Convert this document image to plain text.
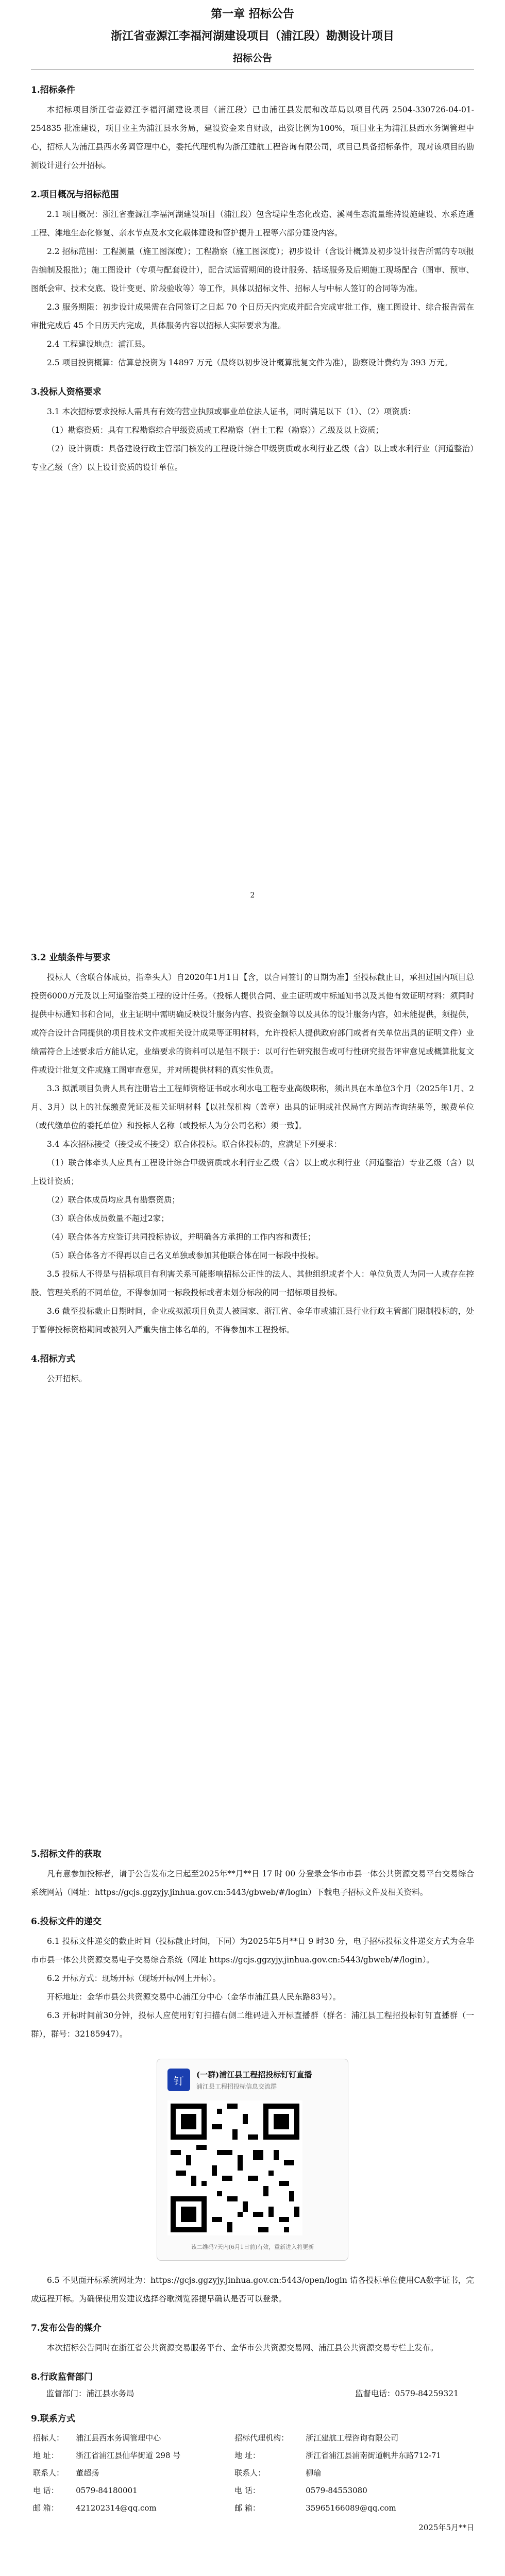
第一章 招标公告
浙江省壶源江李福河湖建设项目（浦江段）勘测设计项目
招标公告
1.招标条件

本招标项目浙江省壶源江李福河湖建设项目（浦江段）已由浦江县发展和改革局以项目代码 2504-330726-04-01-254835 批准建设，项目业主为浦江县水务局，建设资金来自财政，出资比例为100%，项目业主为浦江县西水务调管理中心，招标人为浦江县西水务调管理中心，委托代理机构为浙江建航工程咨询有限公司，项目已具备招标条件，现对该项目的勘测设计进行公开招标。

2.项目概况与招标范围

2.1 项目概况：浙江省壶源江李福河湖建设项目（浦江段）包含堤岸生态化改造、溪网生态流量维持设施建设、水系连通工程、滩地生态化修复、亲水节点及水文化载体建设和管护提升工程等六部分建设内容。

2.2 招标范围：工程测量（施工图深度）；工程勘察（施工图深度）；初步设计（含设计概算及初步设计报告所需的专项报告编制及报批）；施工图设计（专项与配套设计），配合试运营期间的设计服务、括场服务及后期施工现场配合（图审、预审、图纸会审、技术交底、设计变更、阶段验收等）等工作，具体以招标文件、招标人与中标人签订的合同等为准。

2.3 服务期限：初步设计成果需在合同签订之日起 70 个日历天内完成并配合完成审批工作，施工图设计、综合报告需在审批完成后 45 个日历天内完成，具体服务内容以招标人实际要求为准。

2.4 工程建设地点：浦江县。

2.5 项目投资概算：估算总投资为 14897 万元（最终以初步设计概算批复文件为准），勘察设计费约为 393 万元。

3.投标人资格要求

3.1 本次招标要求投标人需具有有效的营业执照或事业单位法人证书，同时满足以下（1）、（2）项资质：

（1）勘察资质：具有工程勘察综合甲级资质或工程勘察（岩土工程（勘察））乙级及以上资质；

（2）设计资质：具备建设行政主管部门核发的工程设计综合甲级资质或水利行业乙级（含）以上或水利行业（河道整治）专业乙级（含）以上设计资质的设计单位。

2
3.2 业绩条件与要求

投标人（含联合体成员，指牵头人）自2020年1月1日【含，以合同签订的日期为准】至投标截止日，承担过国内项目总投资6000万元及以上河道整治类工程的设计任务。（投标人提供合同、业主证明或中标通知书以及其他有效证明材料：须同时提供中标通知书和合同，业主证明中需明确反映设计服务内容、投资金额等以及具体的设计服务内容，如未能提供，须提供，或符合设计合同提供的项目技术文件或相关设计成果等证明材料，允许投标人提供政府部门或者有关单位出具的证明文件）业绩需符合上述要求后方能认定，业绩要求的资料可以是但不限于：以可行性研究报告或可行性研究报告评审意见或概算批复文件或设计批复文件或施工图审查意见，并对所提供材料的真实性负责。

3.3 拟派项目负责人具有注册岩土工程师资格证书或水利水电工程专业高级职称，须出具在本单位3个月（2025年1月、2月、3月）以上的社保缴费凭证及相关证明材料【以社保机构（盖章）出具的证明或社保局官方网站查询结果等，缴费单位（或代缴单位的委托单位）和投标人名称（或投标人为分公司名称）须一致】。

3.4 本次招标接受（接受或不接受）联合体投标。联合体投标的，应满足下列要求：

（1）联合体牵头人应具有工程设计综合甲级资质或水利行业乙级（含）以上或水利行业（河道整治）专业乙级（含）以上设计资质；

（2）联合体成员均应具有勘察资质；

（3）联合体成员数量不超过2家；

（4）联合体各方应签订共同投标协议，并明确各方承担的工作内容和责任；

（5）联合体各方不得再以自己名义单独或参加其他联合体在同一标段中投标。

3.5 投标人不得是与招标项目有利害关系可能影响招标公正性的法人、其他组织或者个人：单位负责人为同一人或存在控股、管理关系的不同单位，不得参加同一标段投标或者未划分标段的同一招标项目投标。

3.6 截至投标截止日期时间，企业或拟派项目负责人被国家、浙江省、金华市或浦江县行业行政主管部门限制投标的，处于暂停投标资格期间或被列入严重失信主体名单的，不得参加本工程投标。

4.招标方式

公开招标。

5.招标文件的获取

凡有意参加投标者，请于公告发布之日起至2025年**月**日 17 时 00 分登录金华市市县一体公共资源交易平台交易综合系统网站（网址：https://gcjs.ggzyjy.jinhua.gov.cn:5443/gbweb/#/login）下载电子招标文件及相关资料。

6.投标文件的递交

6.1 投标文件递交的截止时间（投标截止时间，下同）为2025年5月**日 9 时30 分，电子招标投标文件递交方式为金华市市县一体公共资源交易电子交易综合系统（网址 https://gcjs.ggzyjy.jinhua.gov.cn:5443/gbweb/#/login）。

6.2 开标方式：现场开标（现场开标/网上开标）。

开标地址：金华市县公共资源交易中心浦江分中心（金华市浦江县人民东路83号）。

6.3 开标时间前30分钟，投标人应使用钉钉扫描右侧二维码进入开标直播群（群名：浦江县工程招投标钉钉直播群（一群），群号：32185947）。

钉	(一群)浦江县工程招投标钉钉直播
浦江县工程招投标信息交流群
该二维码7天内(6月1日前)有效，重新进入将更新

6.5 不见面开标系统网址为：https://gcjs.ggzyjy.jinhua.gov.cn:5443/open/login 请各投标单位使用CA数字证书，完成远程开标。为确保使用发建议选择谷歌浏览器提早确认是否可以登录。

7.发布公告的媒介

本次招标公告同时在浙江省公共资源交易服务平台、金华市公共资源交易网、浦江县公共资源交易专栏上发布。

8.行政监督部门
监督部门：浦江县水务局	监督电话：0579-84259321
9.联系方式
招标人：	浦江县西水务调管理中心	招标代理机构：	浙江建航工程咨询有限公司
地 址：	浙江省浦江县仙华街道 298 号	地 址：	浙江省浦江县浦南街道帆井东路712-71
联系人：	董超扬	联系人：	柳瑜
电 话：	0579-84180001	电 话：	0579-84553080
邮 箱：	421202314@qq.com	邮 箱：	35965166089@qq.com
2025年5月**日
